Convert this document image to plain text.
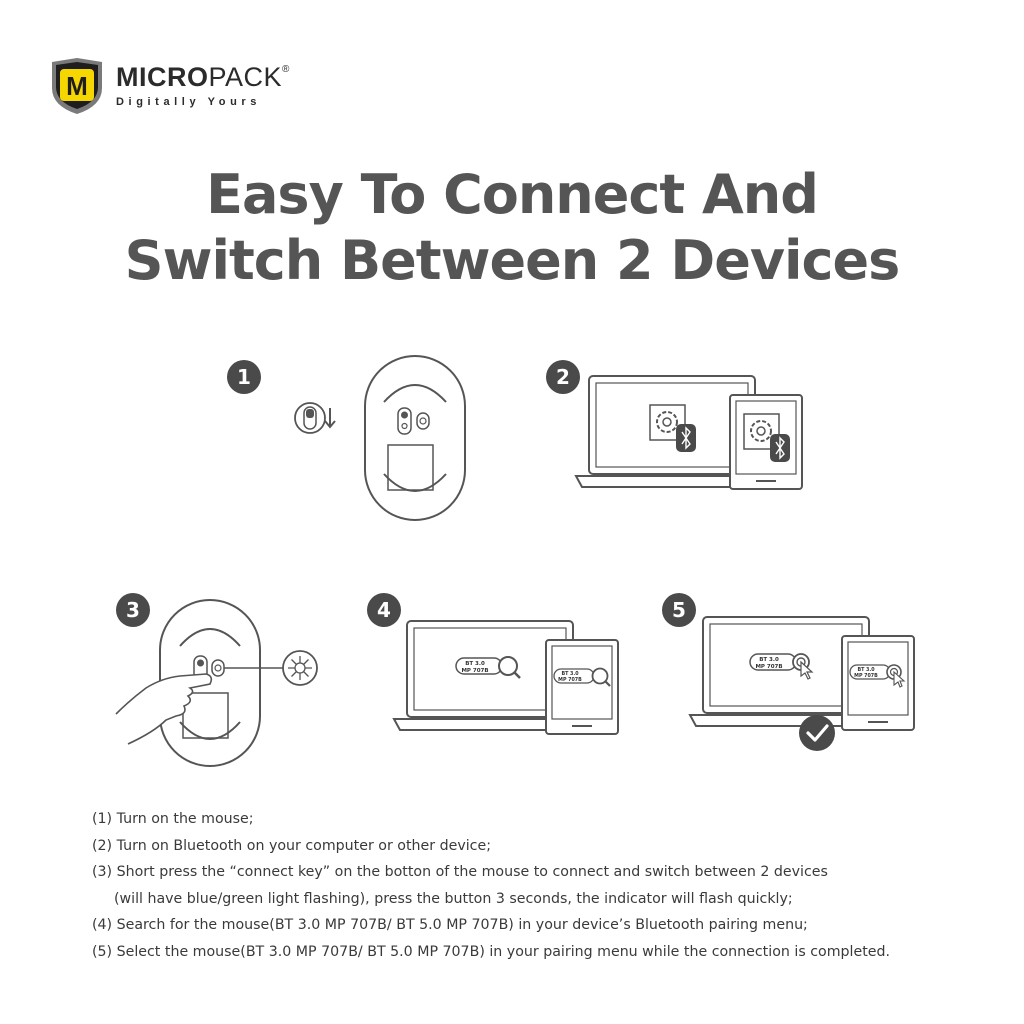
M MICROPACK®
Digitally Yours
Easy To Connect And
Switch Between 2 Devices
1	2
3	4	5
BT 3.0
MP 707B
BT 3.0
MP 707B
BT 3.0
MP 707B
BT 3.0
MP 707B
(1) Turn on the mouse;
(2) Turn on Bluetooth on your computer or other device;
(3) Short press the “connect key” on the botton of the mouse to connect and switch between 2 devices
(will have blue/green light flashing), press the button 3 seconds, the indicator will flash quickly;
(4) Search for the mouse(BT 3.0 MP 707B/ BT 5.0 MP 707B) in your device’s Bluetooth pairing menu;
(5) Select the mouse(BT 3.0 MP 707B/ BT 5.0 MP 707B) in your pairing menu while the connection is completed.
